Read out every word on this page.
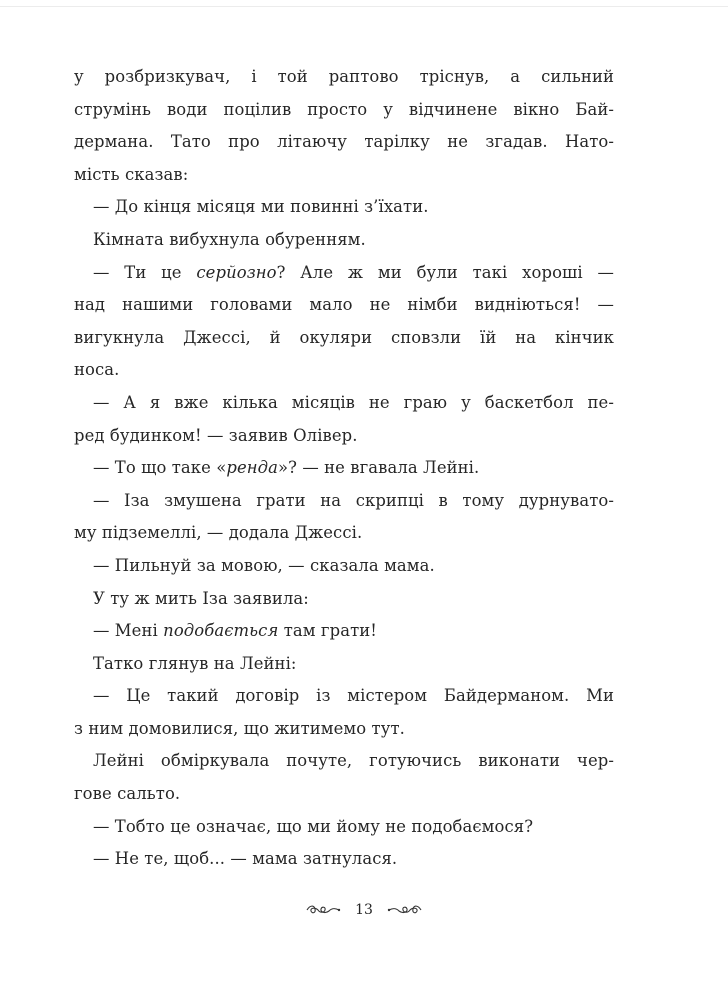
у розбризкувач, і той раптово тріснув, а сильний
струмінь води поцілив просто у відчинене вікно Бай-
дермана. Тато про літаючу тарілку не згадав. Нато-
мість сказав:
— До кінця місяця ми повинні з’їхати.
Кімната вибухнула обуренням.
— Ти це серйозно? Але ж ми були такі хороші —
над нашими головами мало не німби видніються! —
вигукнула Джессі, й окуляри сповзли їй на кінчик
носа.
— А я вже кілька місяців не граю у баскетбол пе-
ред будинком! — заявив Олівер.
— То що таке «ренда»? — не вгавала Лейні.
— Іза змушена грати на скрипці в тому дурнувато-
му підземеллі, — додала Джессі.
— Пильнуй за мовою, — сказала мама.
У ту ж мить Іза заявила:
— Мені подобається там грати!
Татко глянув на Лейні:
— Це такий договір із містером Байдерманом. Ми
з ним домовилися, що житимемо тут.
Лейні обміркувала почуте, готуючись виконати чер-
гове сальто.
— Тобто це означає, що ми йому не подобаємося?
— Не те, щоб... — мама затнулася.
13
